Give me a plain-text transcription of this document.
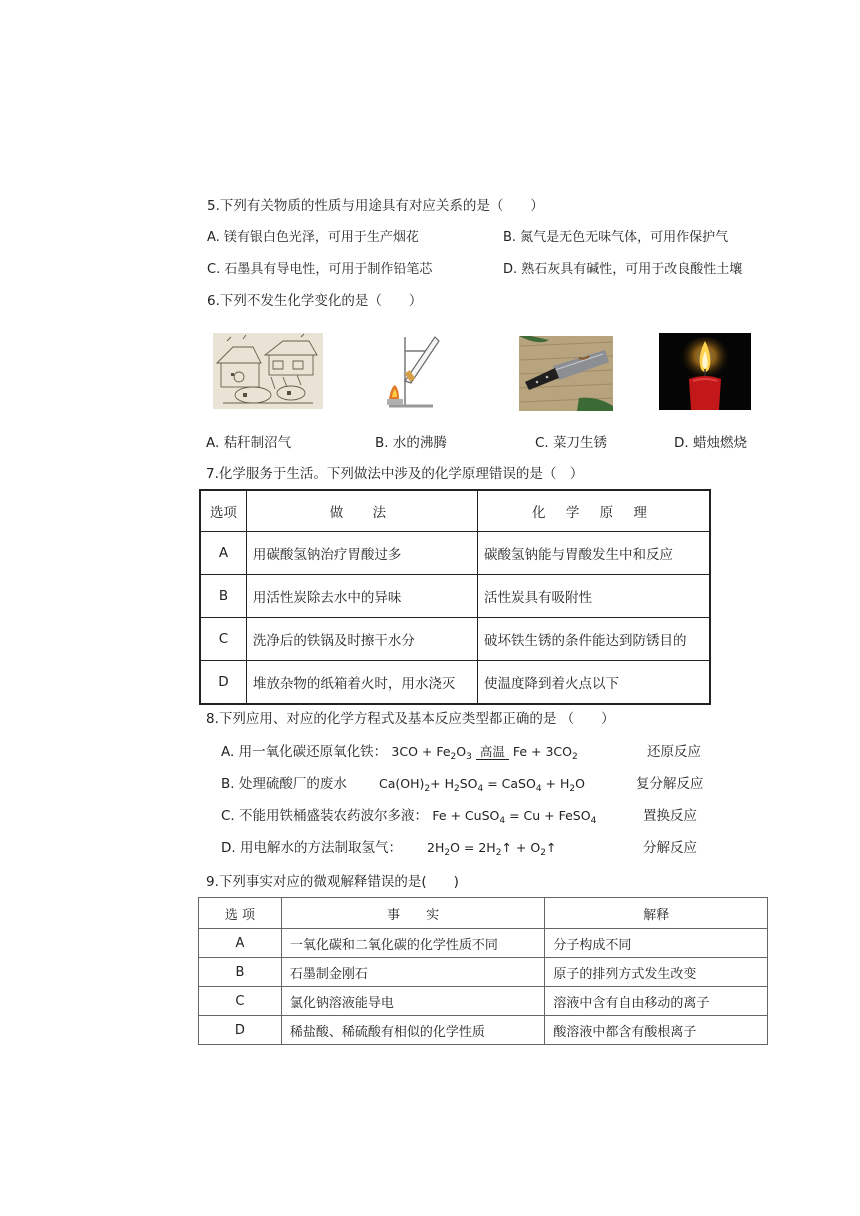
5.下列有关物质的性质与用途具有对应关系的是（　　）
A. 镁有银白色光泽，可用于生产烟花	B. 氮气是无色无味气体，可用作保护气
C. 石墨具有导电性，可用于制作铅笔芯	D. 熟石灰具有碱性，可用于改良酸性土壤
6.下列不发生化学变化的是（　　）
A. 秸秆制沼气	B. 水的沸腾	C. 菜刀生锈	D. 蜡烛燃烧
7.化学服务于生活。下列做法中涉及的化学原理错误的是（　）
选项	做　法	化 学 原 理
A	用碳酸氢钠治疗胃酸过多	碳酸氢钠能与胃酸发生中和反应
B	用活性炭除去水中的异味	活性炭具有吸附性
C	洗净后的铁锅及时擦干水分	破坏铁生锈的条件能达到防锈目的
D	堆放杂物的纸箱着火时，用水浇灭	使温度降到着火点以下
8.下列应用、对应的化学方程式及基本反应类型都正确的是 （　　）
A. 用一氧化碳还原氧化铁： $3CO + Fe_2O_3$ 高温 $Fe + 3CO_2$	还原反应
B. 处理硫酸厂的废水	$Ca(OH)_2+ H_2SO_4$ = CaSO$_4$ + $H_2O$	复分解反应
C. 不能用铁桶盛装农药波尔多液： Fe + CuSO$_4$ = Cu + FeSO$_4$	置换反应
D. 用电解水的方法制取氢气： $2H_2O$ = $2H_2↑$ + $O_2↑$	分解反应
9.下列事实对应的微观解释错误的是(　　)
选 项	事　　实	解释
A	一氧化碳和二氧化碳的化学性质不同	分子构成不同
B	石墨制金刚石	原子的排列方式发生改变
C	氯化钠溶液能导电	溶液中含有自由移动的离子
D	稀盐酸、稀硫酸有相似的化学性质	酸溶液中都含有酸根离子
